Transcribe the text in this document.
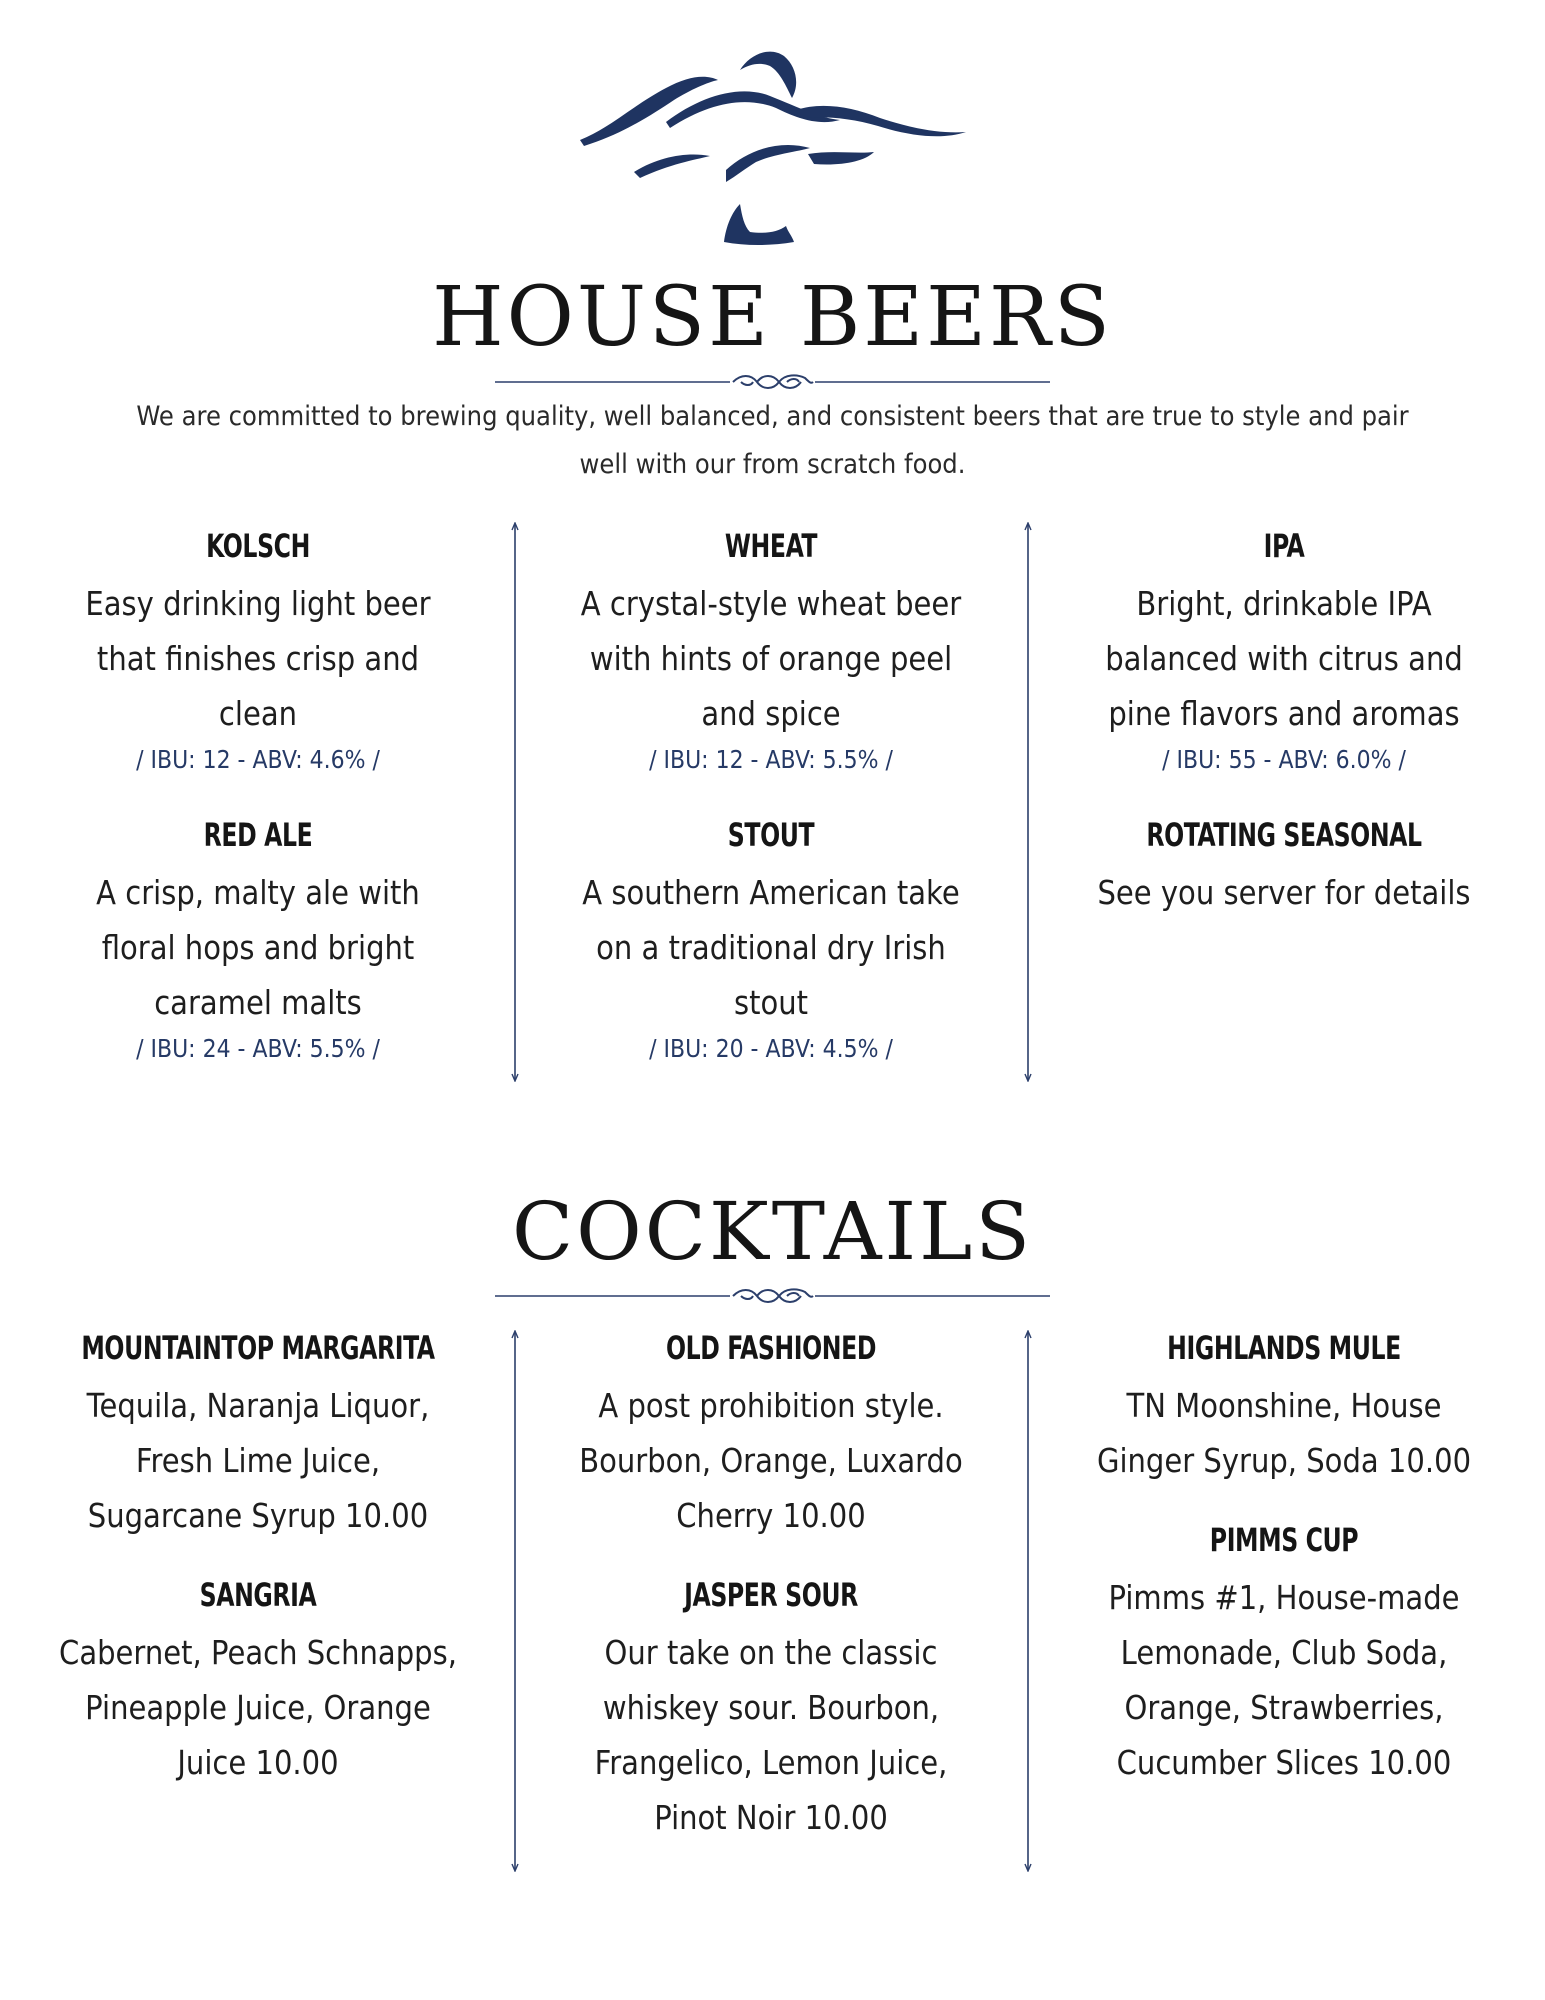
HOUSE BEERS
We are committed to brewing quality, well balanced, and consistent beers that are true to style and pair well with our from scratch food.
KOLSCH
Easy drinking light beer that finishes crisp and clean
/ IBU: 12 - ABV: 4.6% /
RED ALE
A crisp, malty ale with floral hops and bright caramel malts
/ IBU: 24 - ABV: 5.5% /
WHEAT
A crystal-style wheat beer with hints of orange peel and spice
/ IBU: 12 - ABV: 5.5% /
STOUT
A southern American take on a traditional dry Irish stout
/ IBU: 20 - ABV: 4.5% /
IPA
Bright, drinkable IPA balanced with citrus and pine flavors and aromas
/ IBU: 55 - ABV: 6.0% /
ROTATING SEASONAL
See you server for details
COCKTAILS
MOUNTAINTOP MARGARITA
Tequila, Naranja Liquor, Fresh Lime Juice, Sugarcane Syrup 10.00
SANGRIA
Cabernet, Peach Schnapps, Pineapple Juice, Orange Juice 10.00
OLD FASHIONED
A post prohibition style. Bourbon, Orange, Luxardo Cherry 10.00
JASPER SOUR
Our take on the classic whiskey sour. Bourbon, Frangelico, Lemon Juice, Pinot Noir 10.00
HIGHLANDS MULE
TN Moonshine, House Ginger Syrup, Soda 10.00
PIMMS CUP
Pimms #1, House-made Lemonade, Club Soda, Orange, Strawberries, Cucumber Slices 10.00
